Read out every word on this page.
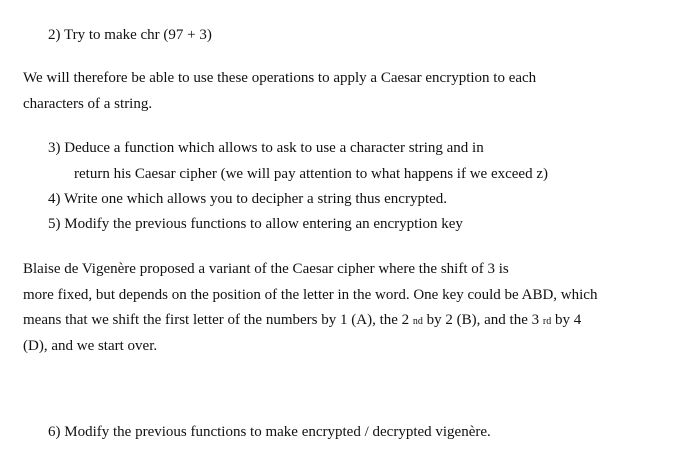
2) Try to make chr (97 + 3)
We will therefore be able to use these operations to apply a Caesar encryption to each
characters of a string.
3) Deduce a function which allows to ask to use a character string and in
return his Caesar cipher (we will pay attention to what happens if we exceed z)
4) Write one which allows you to decipher a string thus encrypted.
5) Modify the previous functions to allow entering an encryption key
Blaise de Vigenère proposed a variant of the Caesar cipher where the shift of 3 is
more fixed, but depends on the position of the letter in the word. One key could be ABD, which
means that we shift the first letter of the numbers by 1 (A), the 2 nd by 2 (B), and the 3 rd by 4
(D), and we start over.
6) Modify the previous functions to make encrypted / decrypted vigenère.
